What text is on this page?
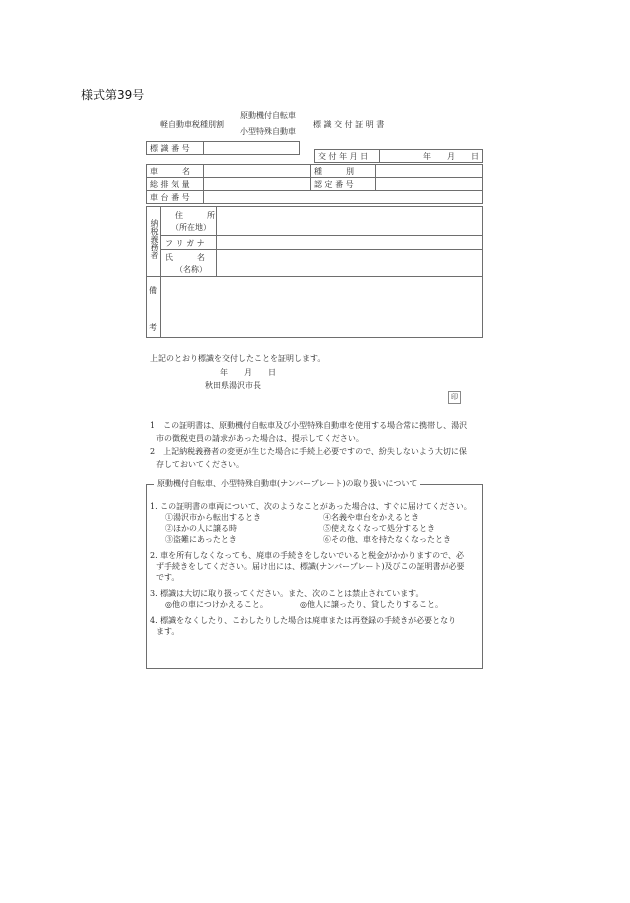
様式第39号
軽自動車税種別割
原動機付自転車
小型特殊自動車
標 識 交 付 証 明 書
標 識 番 号	
交 付 年 月 日	年　　月　　日
車　　　名		種　　　別	
総 排 気 量		認 定 番 号	
車 台 番 号			
納税義務者
住　　　所
（所在地）
フ リ ガ ナ
氏　　　名
（名称）
備
考
上記のとおり標識を交付したことを証明します。
年　　月　　日
秋田県湯沢市長
印
1　この証明書は、原動機付自転車及び小型特殊自動車を使用する場合常に携帯し、湯沢
市の徴税吏員の請求があった場合は、提示してください。
2　上記納税義務者の変更が生じた場合に手続上必要ですので、紛失しないよう大切に保
存しておいてください。
原動機付自転車、小型特殊自動車(ナンバープレート)の取り扱いについて
1. この証明書の車両について、次のようなことがあった場合は、すぐに届けてください。
①湯沢市から転出するとき	④名義や車台をかえるとき
②ほかの人に譲る時	⑤使えなくなって処分するとき
③盗難にあったとき	⑥その他、車を持たなくなったとき
2. 車を所有しなくなっても、廃車の手続きをしないでいると税金がかかりますので、必
ず手続きをしてください。届け出には、標識(ナンバープレート)及びこの証明書が必要
です。
3. 標識は大切に取り扱ってください。また、次のことは禁止されています。
◎他の車につけかえること。	◎他人に譲ったり、貸したりすること。
4. 標識をなくしたり、こわしたりした場合は廃車または再登録の手続きが必要となり
ます。
